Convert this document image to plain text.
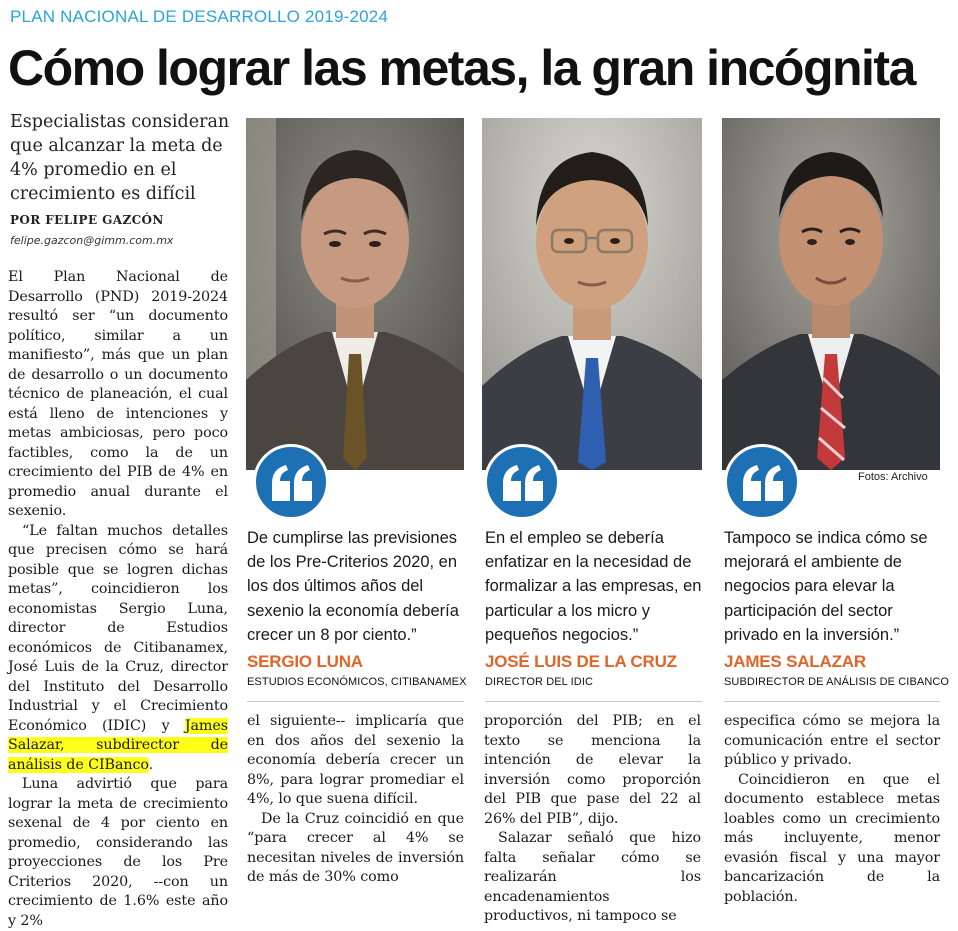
PLAN NACIONAL DE DESARROLLO 2019-2024
Cómo lograr las metas, la gran incógnita
Especialistas consideran que alcanzar la meta de 4% promedio en el crecimiento es difícil
POR FELIPE GAZCÓN
felipe.gazcon@gimm.com.mx

El Plan Nacional de Desarrollo (PND) 2019-2024 resultó ser “un documento político, similar a un manifiesto”, más que un plan de desarrollo o un documento técnico de planeación, el cual está lleno de intenciones y metas ambiciosas, pero poco factibles, como la de un crecimiento del PIB de 4% en promedio anual durante el sexenio.

“Le faltan muchos detalles que precisen cómo se hará posible que se logren dichas metas”, coincidieron los economistas Sergio Luna, director de Estudios económicos de Citibanamex, José Luis de la Cruz, director del Instituto del Desarrollo Industrial y el Crecimiento Económico (IDIC) y James Salazar, subdirector de análisis de CIBanco.

Luna advirtió que para lograr la meta de crecimiento sexenal de 4 por ciento en promedio, considerando las proyecciones de los Pre Criterios 2020, --con un crecimiento de 1.6% este año y 2%

Fotos: Archivo
De cumplirse las previsiones de los Pre-Criterios 2020, en los dos últimos años del sexenio la economía debería crecer un 8 por ciento.”
En el empleo se debería enfatizar en la necesidad de formalizar a las empresas, en particular a los micro y pequeños negocios.”
Tampoco se indica cómo se mejorará el ambiente de negocios para elevar la participación del sector privado en la inversión.”
SERGIO LUNA	JOSÉ LUIS DE LA CRUZ	JAMES SALAZAR
ESTUDIOS ECONÓMICOS, CITIBANAMEX DIRECTOR DEL IDIC	SUBDIRECTOR DE ANÁLISIS DE CIBANCO

el siguiente-- implicaría que en dos años del sexenio la economía debería crecer un 8%, para lograr promediar el 4%, lo que suena difícil.

De la Cruz coincidió en que “para crecer al 4% se necesitan niveles de inversión de más de 30% como

proporción del PIB; en el texto se menciona la intención de elevar la inversión como proporción del PIB que pase del 22 al 26% del PIB”, dijo.

Salazar señaló que hizo falta señalar cómo se realizarán los encadenamientos productivos, ni tampoco se

especifica cómo se mejora la comunicación entre el sector público y privado.

Coincidieron en que el documento establece metas loables como un crecimiento más incluyente, menor evasión fiscal y una mayor bancarización de la población.
